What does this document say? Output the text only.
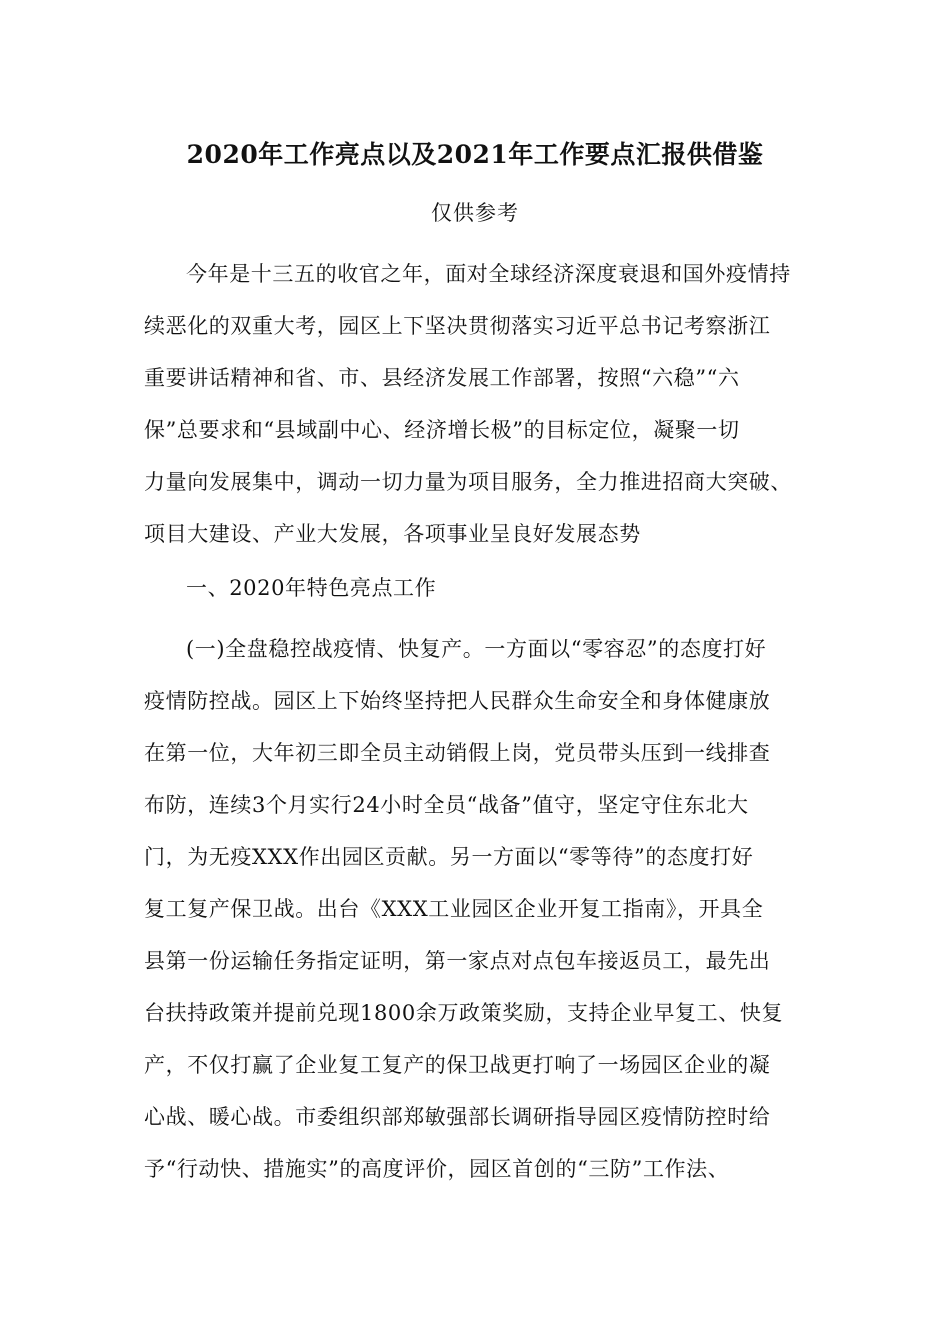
2020年工作亮点以及2021年工作要点汇报供借鉴
仅供参考
今年是十三五的收官之年，面对全球经济深度衰退和国外疫情持
续恶化的双重大考，园区上下坚决贯彻落实习近平总书记考察浙江
重要讲话精神和省、市、县经济发展工作部署，按照“六稳”“六
保”总要求和“县域副中心、经济增长极”的目标定位，凝聚一切
力量向发展集中，调动一切力量为项目服务，全力推进招商大突破、
项目大建设、产业大发展，各项事业呈良好发展态势
一、2020年特色亮点工作
(一)全盘稳控战疫情、快复产。一方面以“零容忍”的态度打好
疫情防控战。园区上下始终坚持把人民群众生命安全和身体健康放
在第一位，大年初三即全员主动销假上岗，党员带头压到一线排查
布防，连续3个月实行24小时全员“战备”值守，坚定守住东北大
门，为无疫XXX作出园区贡献。另一方面以“零等待”的态度打好
复工复产保卫战。出台《XXX工业园区企业开复工指南》，开具全
县第一份运输任务指定证明，第一家点对点包车接返员工，最先出
台扶持政策并提前兑现1800余万政策奖励，支持企业早复工、快复
产，不仅打赢了企业复工复产的保卫战更打响了一场园区企业的凝
心战、暖心战。市委组织部郑敏强部长调研指导园区疫情防控时给
予“行动快、措施实”的高度评价，园区首创的“三防”工作法、
